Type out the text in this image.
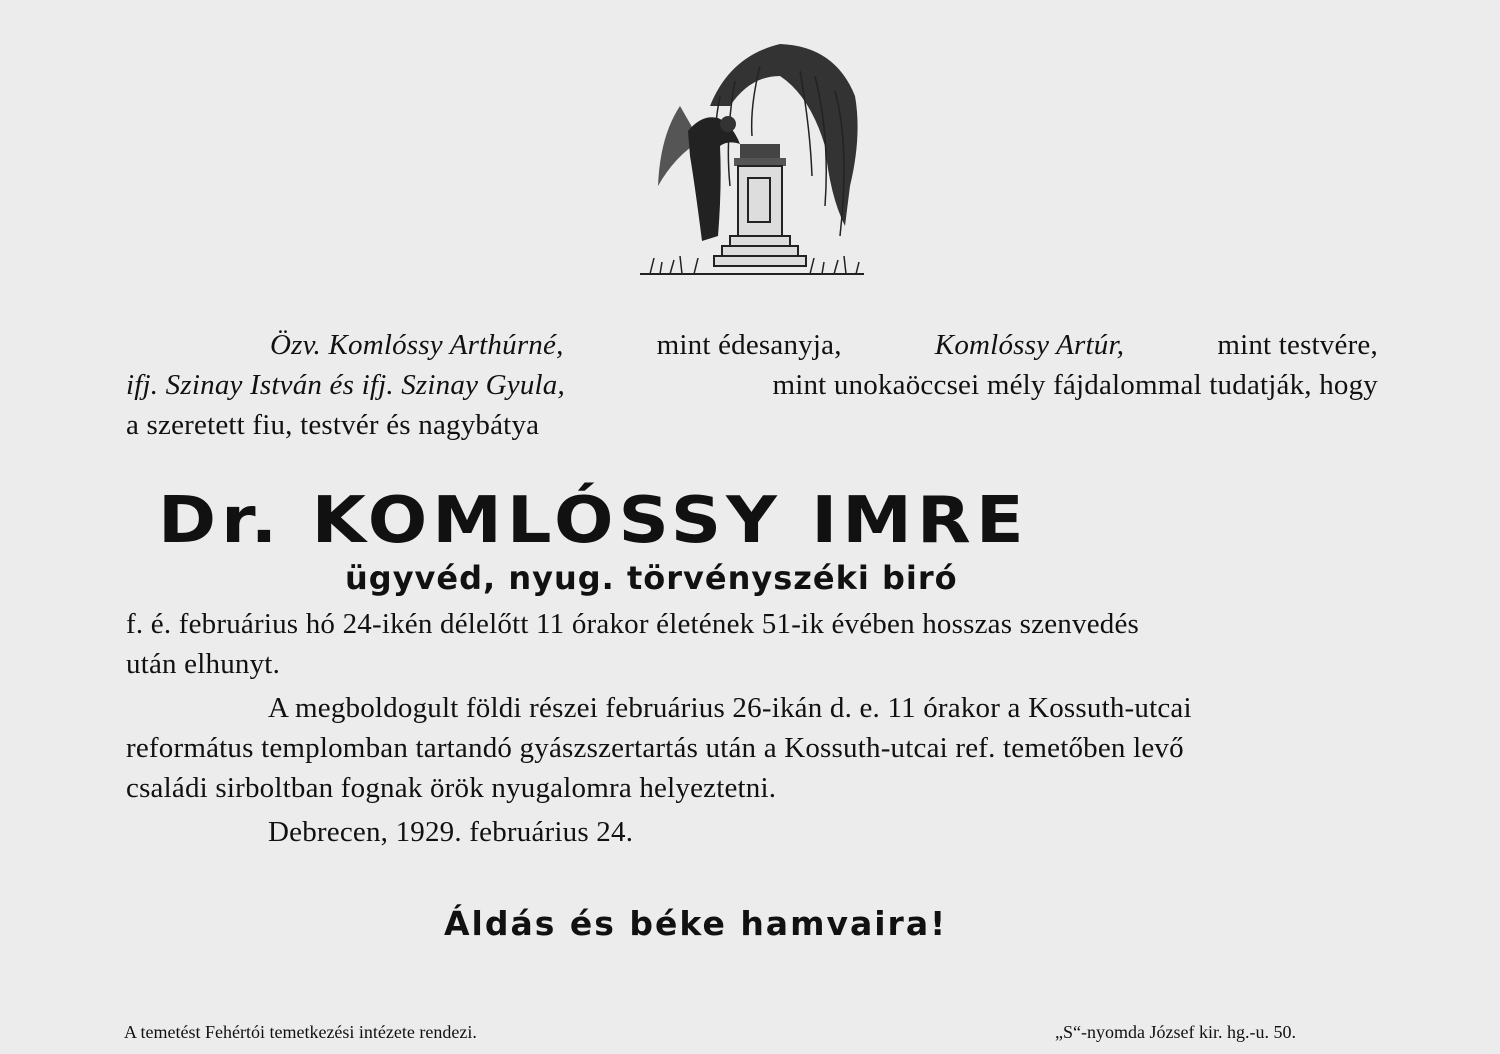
Özv. Komlóssy Arthúrné,	mint édesanyja,	Komlóssy Artúr,	mint testvére,
ifj. Szinay István és ifj. Szinay Gyula,	mint unokaöccsei mély fájdalommal tudatják, hogy
a szeretett fiu, testvér és nagybátya
Dr. KOMLÓSSY IMRE
ügyvéd, nyug. törvényszéki biró
f. é. február​ius hó 24-ikén délelőtt 11 órakor életének 51-ik évében hosszas szenvedés
után elhunyt.
A megboldogult földi részei február​ius 26-ikán d. e. 11 órakor a Kossuth-utcai
református templomban tartandó gyászszertartás után a Kossuth-utcai ref. temetőben levő
családi sirboltban fognak örök nyugalomra helyeztetni.
Debrecen, 1929. február​ius 24.
Áldás és béke hamvaira!
A temetést Fehértói temetkezési intézete rendezi.	„S“-nyomda József kir. hg.-u. 50.
